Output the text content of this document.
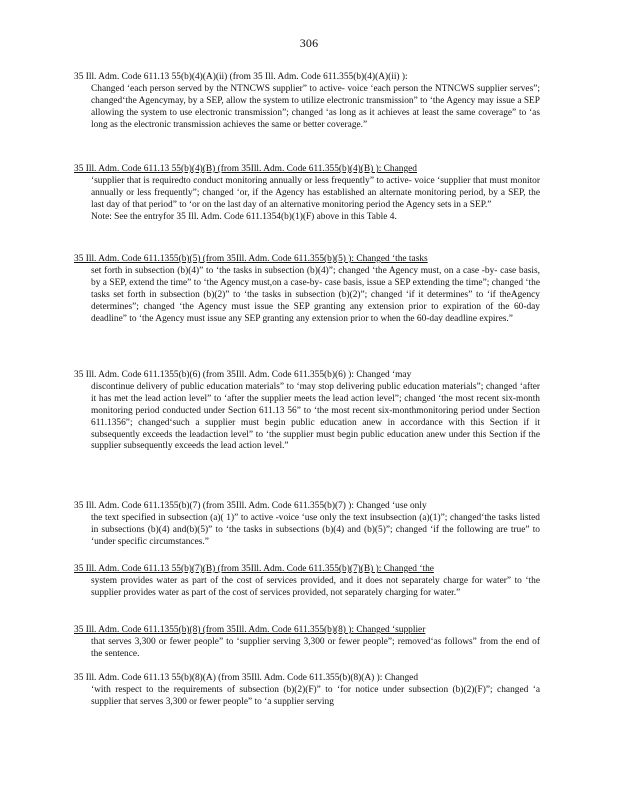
306
35 Ill. Adm. Code 611.13 55(b)(4)(A)(ii) (from 35 Ill. Adm. Code 611.355(b)(4)(A)(ii) ):
Changed ‘each person served by the NTNCWS supplier” to active- voice ‘each person the NTNCWS supplier serves”; changed‘the Agencymay, by a SEP, allow the system to utilize electronic transmission” to ‘the Agency may issue a SEP allowing the system to use electronic transmission”; changed ‘as long as it achieves at least the same coverage” to ‘as long as the electronic transmission achieves the same or better coverage.”
35 Ill. Adm. Code 611.13 55(b)(4)(B) (from 35Ill. Adm. Code 611.355(b)(4)(B) ): Changed
‘supplier that is requiredto conduct monitoring annually or less frequently” to active- voice ‘supplier that must monitor annually or less frequently”; changed ‘or, if the Agency has established an alternate monitoring period, by a SEP, the last day of that period” to ‘or on the last day of an alternative monitoring period the Agency sets in a SEP.”
Note: See the entryfor 35 Ill. Adm. Code 611.1354(b)(1)(F) above in this Table 4.
35 Ill. Adm. Code 611.1355(b)(5) (from 35Ill. Adm. Code 611.355(b)(5) ): Changed ‘the tasks
set forth in subsection (b)(4)” to ‘the tasks in subsection (b)(4)”; changed ‘the Agency must, on a case -by- case basis, by a SEP, extend the time” to ‘the Agency must,on a case-by- case basis, issue a SEP extending the time”; changed ‘the tasks set forth in subsection (b)(2)” to ‘the tasks in subsection (b)(2)”; changed ‘if it determines” to ‘if theAgency determines”; changed ‘the Agency must issue the SEP granting any extension prior to expiration of the 60-day deadline” to ‘the Agency must issue any SEP granting any extension prior to when the 60-day deadline expires.”
35 Ill. Adm. Code 611.1355(b)(6) (from 35Ill. Adm. Code 611.355(b)(6) ): Changed ‘may
discontinue delivery of public education materials” to ‘may stop delivering public education materials”; changed ‘after it has met the lead action level” to ‘after the supplier meets the lead action level”; changed ‘the most recent six-month monitoring period conducted under Section 611.13 56” to ‘the most recent six-monthmonitoring period under Section 611.1356”; changed‘such a supplier must begin public education anew in accordance with this Section if it subsequently exceeds the leadaction level” to ‘the supplier must begin public education anew under this Section if the supplier subsequently exceeds the lead action level.”
35 Ill. Adm. Code 611.1355(b)(7) (from 35Ill. Adm. Code 611.355(b)(7) ): Changed ‘use only
the text specified in subsection (a)( 1)” to active -voice ‘use only the text insubsection (a)(1)”; changed‘the tasks listed in subsections (b)(4) and(b)(5)” to ‘the tasks in subsections (b)(4) and (b)(5)”; changed ‘if the following are true” to ‘under specific circumstances.”
35 Ill. Adm. Code 611.13 55(b)(7)(B) (from 35Ill. Adm. Code 611.355(b)(7)(B) ): Changed ‘the
system provides water as part of the cost of services provided, and it does not separately charge for water” to ‘the supplier provides water as part of the cost of services provided, not separately charging for water.”
35 Ill. Adm. Code 611.1355(b)(8) (from 35Ill. Adm. Code 611.355(b)(8) ): Changed ‘supplier
that serves 3,300 or fewer people” to ‘supplier serving 3,300 or fewer people”; removed‘as follows” from the end of the sentence.
35 Ill. Adm. Code 611.13 55(b)(8)(A) (from 35Ill. Adm. Code 611.355(b)(8)(A) ): Changed
‘with respect to the requirements of subsection (b)(2)(F)” to ‘for notice under subsection (b)(2)(F)”; changed ‘a supplier that serves 3,300 or fewer people” to ‘a supplier serving
